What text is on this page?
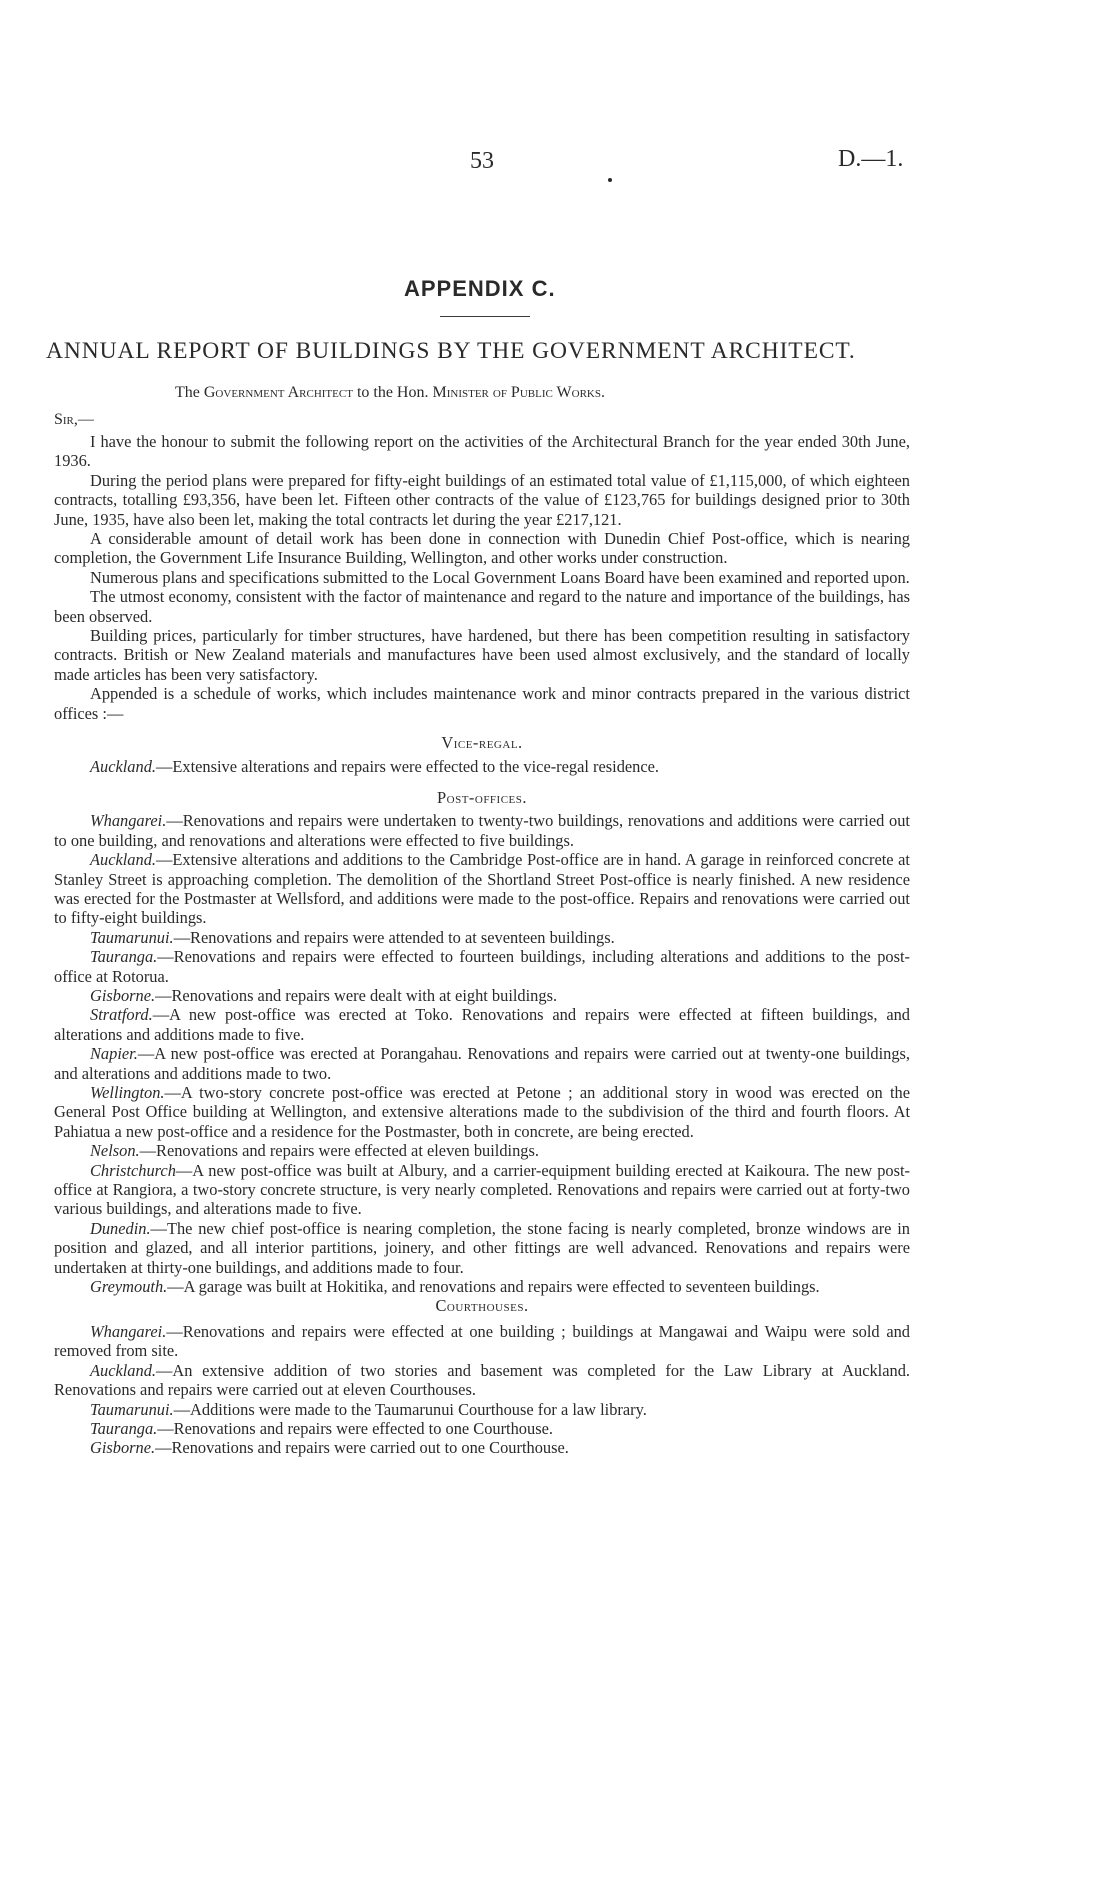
53	D.—1.
APPENDIX C.
ANNUAL REPORT OF BUILDINGS BY THE GOVERNMENT ARCHITECT.
The Government Architect to the Hon. Minister of Public Works.
Sir,—

I have the honour to submit the following report on the activities of the Architectural Branch for the year ended 30th June, 1936.

During the period plans were prepared for fifty-eight buildings of an estimated total value of £1,115,000, of which eighteen contracts, totalling £93,356, have been let. Fifteen other contracts of the value of £123,765 for buildings designed prior to 30th June, 1935, have also been let, making the total contracts let during the year £217,121.

A considerable amount of detail work has been done in connection with Dunedin Chief Post-office, which is nearing completion, the Government Life Insurance Building, Wellington, and other works under construction.

Numerous plans and specifications submitted to the Local Government Loans Board have been examined and reported upon.

The utmost economy, consistent with the factor of maintenance and regard to the nature and importance of the buildings, has been observed.

Building prices, particularly for timber structures, have hardened, but there has been competition resulting in satisfactory contracts. British or New Zealand materials and manufactures have been used almost exclusively, and the standard of locally made articles has been very satisfactory.

Appended is a schedule of works, which includes maintenance work and minor contracts prepared in the various district offices :—

Vice-regal.

Auckland.—Extensive alterations and repairs were effected to the vice-regal residence.

Post-offices.

Whangarei.—Renovations and repairs were undertaken to twenty-two buildings, renovations and additions were carried out to one building, and renovations and alterations were effected to five buildings.

Auckland.—Extensive alterations and additions to the Cambridge Post-office are in hand. A garage in reinforced concrete at Stanley Street is approaching completion. The demolition of the Shortland Street Post-office is nearly finished. A new residence was erected for the Postmaster at Wellsford, and additions were made to the post-office. Repairs and renovations were carried out to fifty-eight buildings.

Taumarunui.—Renovations and repairs were attended to at seventeen buildings.

Tauranga.—Renovations and repairs were effected to fourteen buildings, including alterations and additions to the post-office at Rotorua.

Gisborne.—Renovations and repairs were dealt with at eight buildings.

Stratford.—A new post-office was erected at Toko. Renovations and repairs were effected at fifteen buildings, and alterations and additions made to five.

Napier.—A new post-office was erected at Porangahau. Renovations and repairs were carried out at twenty-one buildings, and alterations and additions made to two.

Wellington.—A two-story concrete post-office was erected at Petone ; an additional story in wood was erected on the General Post Office building at Wellington, and extensive alterations made to the subdivision of the third and fourth floors. At Pahiatua a new post-office and a residence for the Postmaster, both in concrete, are being erected.

Nelson.—Renovations and repairs were effected at eleven buildings.

Christchurch—A new post-office was built at Albury, and a carrier-equipment building erected at Kaikoura. The new post-office at Rangiora, a two-story concrete structure, is very nearly completed. Renovations and repairs were carried out at forty-two various buildings, and alterations made to five.

Dunedin.—The new chief post-office is nearing completion, the stone facing is nearly completed, bronze windows are in position and glazed, and all interior partitions, joinery, and other fittings are well advanced. Renovations and repairs were undertaken at thirty-one buildings, and additions made to four.

Greymouth.—A garage was built at Hokitika, and renovations and repairs were effected to seventeen buildings.

Courthouses.

Whangarei.—Renovations and repairs were effected at one building ; buildings at Mangawai and Waipu were sold and removed from site.

Auckland.—An extensive addition of two stories and basement was completed for the Law Library at Auckland. Renovations and repairs were carried out at eleven Courthouses.

Taumarunui.—Additions were made to the Taumarunui Courthouse for a law library.

Tauranga.—Renovations and repairs were effected to one Courthouse.

Gisborne.—Renovations and repairs were carried out to one Courthouse.
